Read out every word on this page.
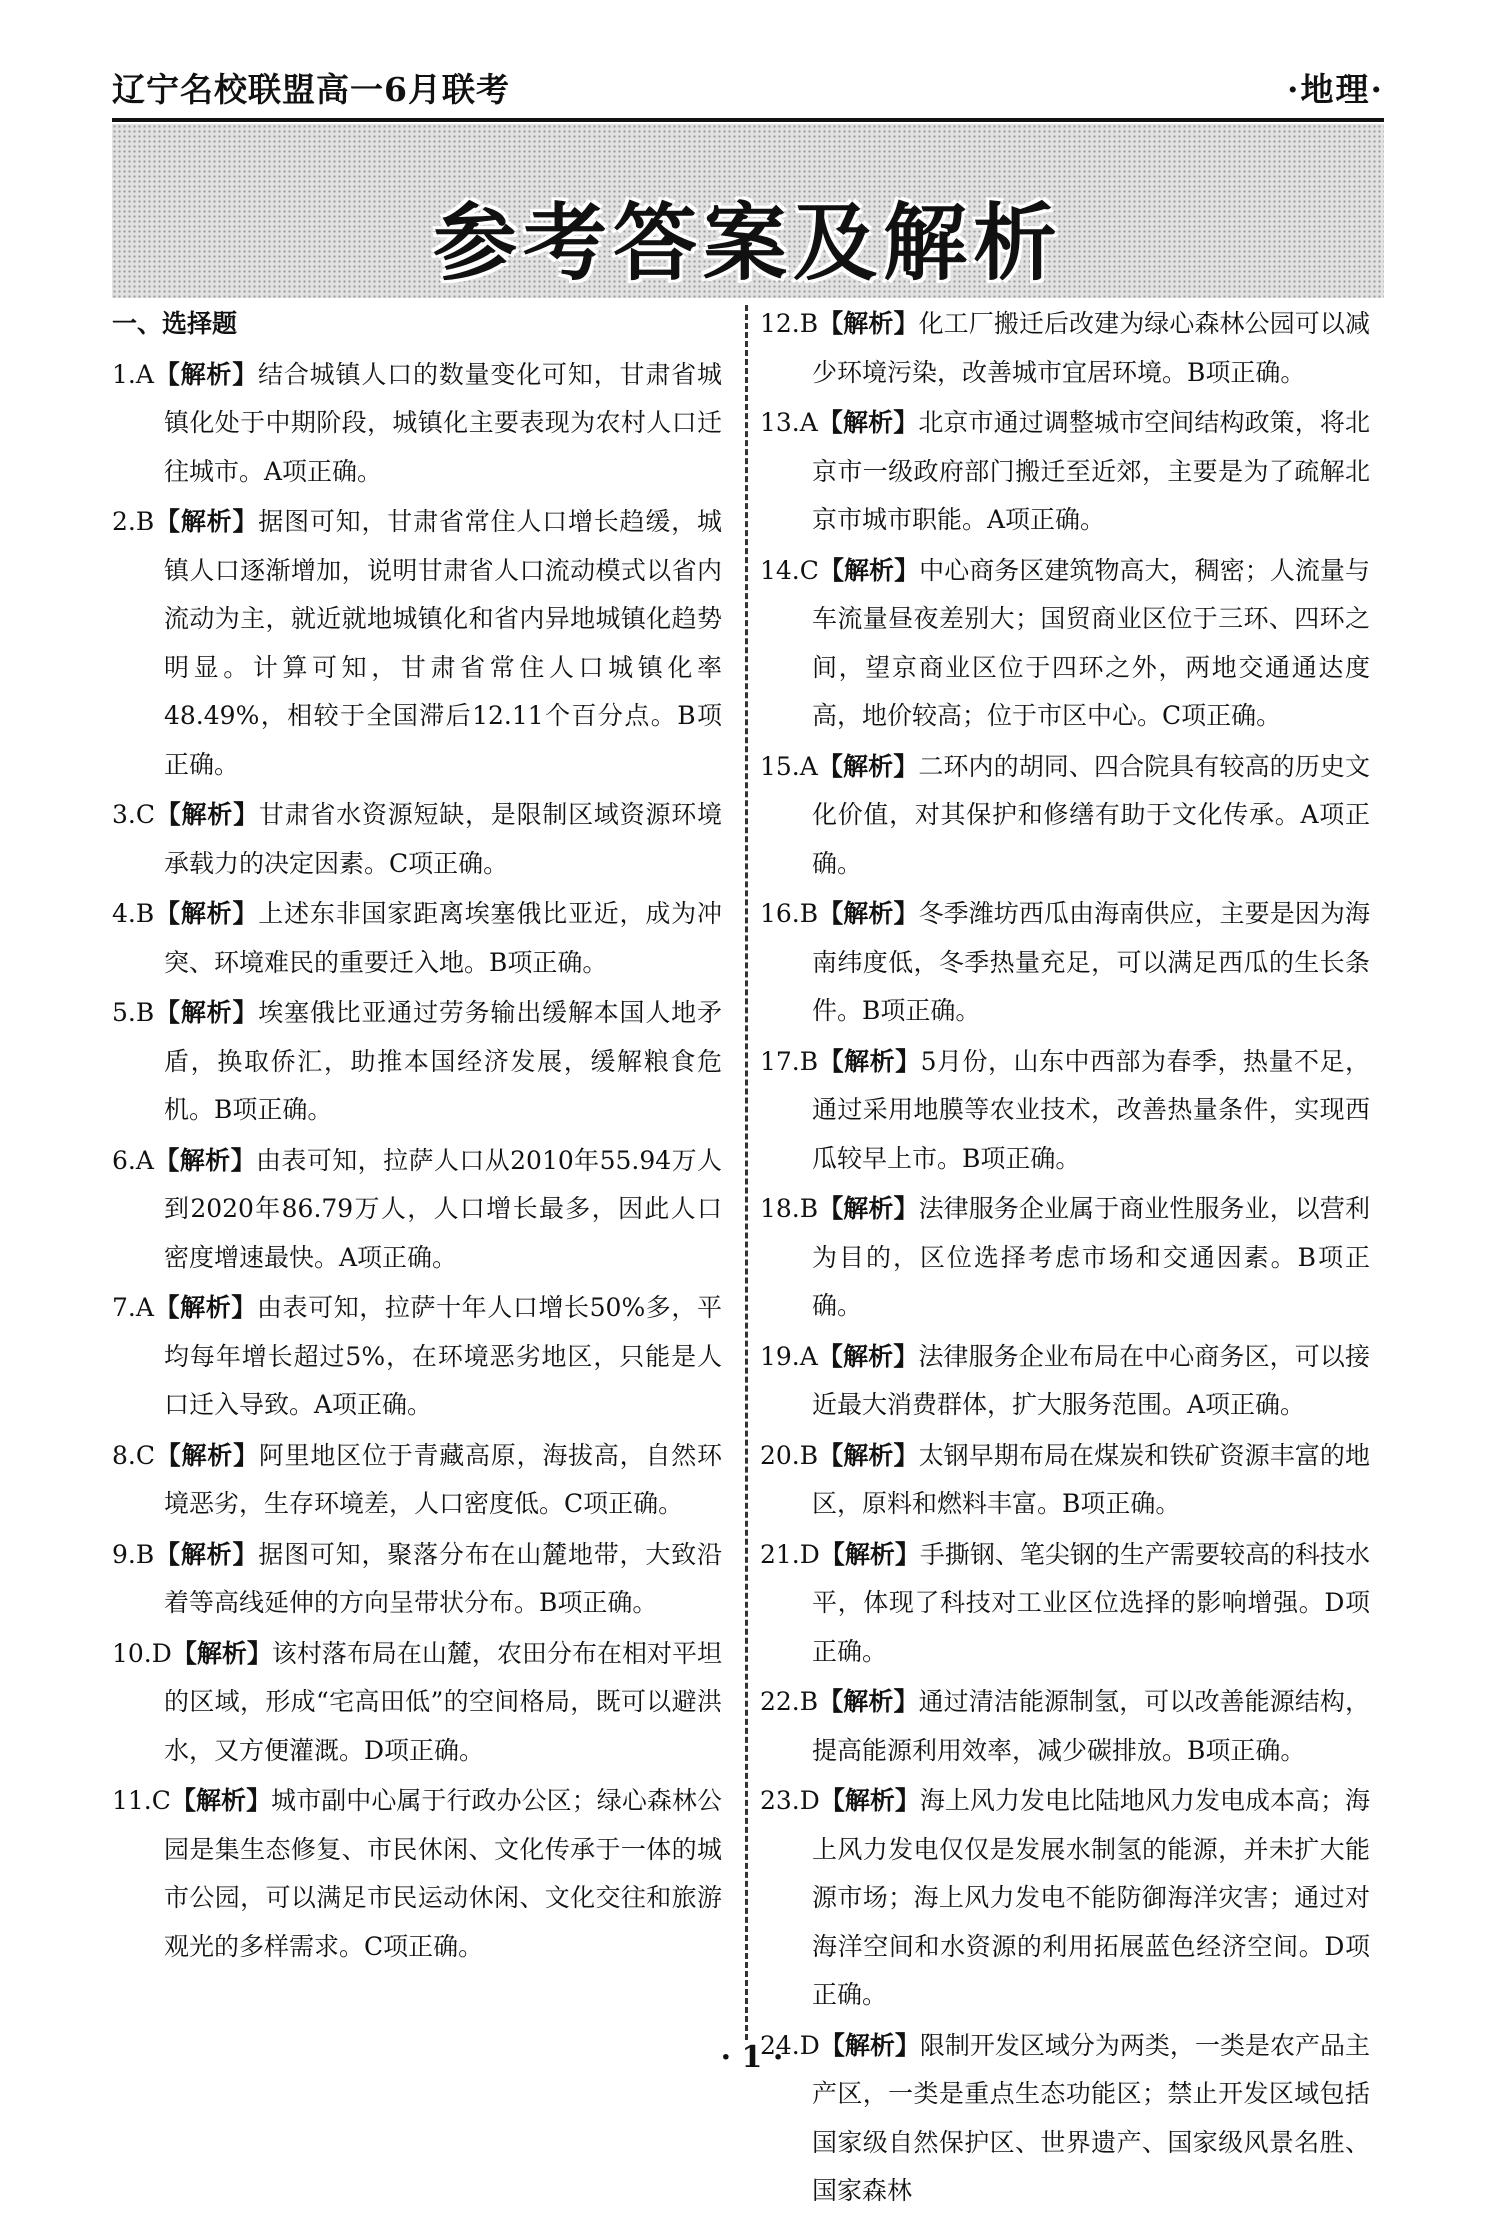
辽宁名校联盟高一6月联考	·地理·
参考答案及解析
一、选择题
1.A【解析】结合城镇人口的数量变化可知，甘肃省城镇化处于中期阶段，城镇化主要表现为农村人口迁往城市。A项正确。
2.B【解析】据图可知，甘肃省常住人口增长趋缓，城镇人口逐渐增加，说明甘肃省人口流动模式以省内流动为主，就近就地城镇化和省内异地城镇化趋势明显。计算可知，甘肃省常住人口城镇化率48.49%，相较于全国滞后12.11个百分点。B项正确。
3.C【解析】甘肃省水资源短缺，是限制区域资源环境承载力的决定因素。C项正确。
4.B【解析】上述东非国家距离埃塞俄比亚近，成为冲突、环境难民的重要迁入地。B项正确。
5.B【解析】埃塞俄比亚通过劳务输出缓解本国人地矛盾，换取侨汇，助推本国经济发展，缓解粮食危机。B项正确。
6.A【解析】由表可知，拉萨人口从2010年55.94万人到2020年86.79万人，人口增长最多，因此人口密度增速最快。A项正确。
7.A【解析】由表可知，拉萨十年人口增长50%多，平均每年增长超过5%，在环境恶劣地区，只能是人口迁入导致。A项正确。
8.C【解析】阿里地区位于青藏高原，海拔高，自然环境恶劣，生存环境差，人口密度低。C项正确。
9.B【解析】据图可知，聚落分布在山麓地带，大致沿着等高线延伸的方向呈带状分布。B项正确。
10.D【解析】该村落布局在山麓，农田分布在相对平坦的区域，形成“宅高田低”的空间格局，既可以避洪水，又方便灌溉。D项正确。
11.C【解析】城市副中心属于行政办公区；绿心森林公园是集生态修复、市民休闲、文化传承于一体的城市公园，可以满足市民运动休闲、文化交往和旅游观光的多样需求。C项正确。
12.B【解析】化工厂搬迁后改建为绿心森林公园可以减少环境污染，改善城市宜居环境。B项正确。
13.A【解析】北京市通过调整城市空间结构政策，将北京市一级政府部门搬迁至近郊，主要是为了疏解北京市城市职能。A项正确。
14.C【解析】中心商务区建筑物高大，稠密；人流量与车流量昼夜差别大；国贸商业区位于三环、四环之间，望京商业区位于四环之外，两地交通通达度高，地价较高；位于市区中心。C项正确。
15.A【解析】二环内的胡同、四合院具有较高的历史文化价值，对其保护和修缮有助于文化传承。A项正确。
16.B【解析】冬季潍坊西瓜由海南供应，主要是因为海南纬度低，冬季热量充足，可以满足西瓜的生长条件。B项正确。
17.B【解析】5月份，山东中西部为春季，热量不足，通过采用地膜等农业技术，改善热量条件，实现西瓜较早上市。B项正确。
18.B【解析】法律服务企业属于商业性服务业，以营利为目的，区位选择考虑市场和交通因素。B项正确。
19.A【解析】法律服务企业布局在中心商务区，可以接近最大消费群体，扩大服务范围。A项正确。
20.B【解析】太钢早期布局在煤炭和铁矿资源丰富的地区，原料和燃料丰富。B项正确。
21.D【解析】手撕钢、笔尖钢的生产需要较高的科技水平，体现了科技对工业区位选择的影响增强。D项正确。
22.B【解析】通过清洁能源制氢，可以改善能源结构，提高能源利用效率，减少碳排放。B项正确。
23.D【解析】海上风力发电比陆地风力发电成本高；海上风力发电仅仅是发展水制氢的能源，并未扩大能源市场；海上风力发电不能防御海洋灾害；通过对海洋空间和水资源的利用拓展蓝色经济空间。D项正确。
24.D【解析】限制开发区域分为两类，一类是农产品主产区，一类是重点生态功能区；禁止开发区域包括国家级自然保护区、世界遗产、国家级风景名胜、国家森林
· 1 ·
